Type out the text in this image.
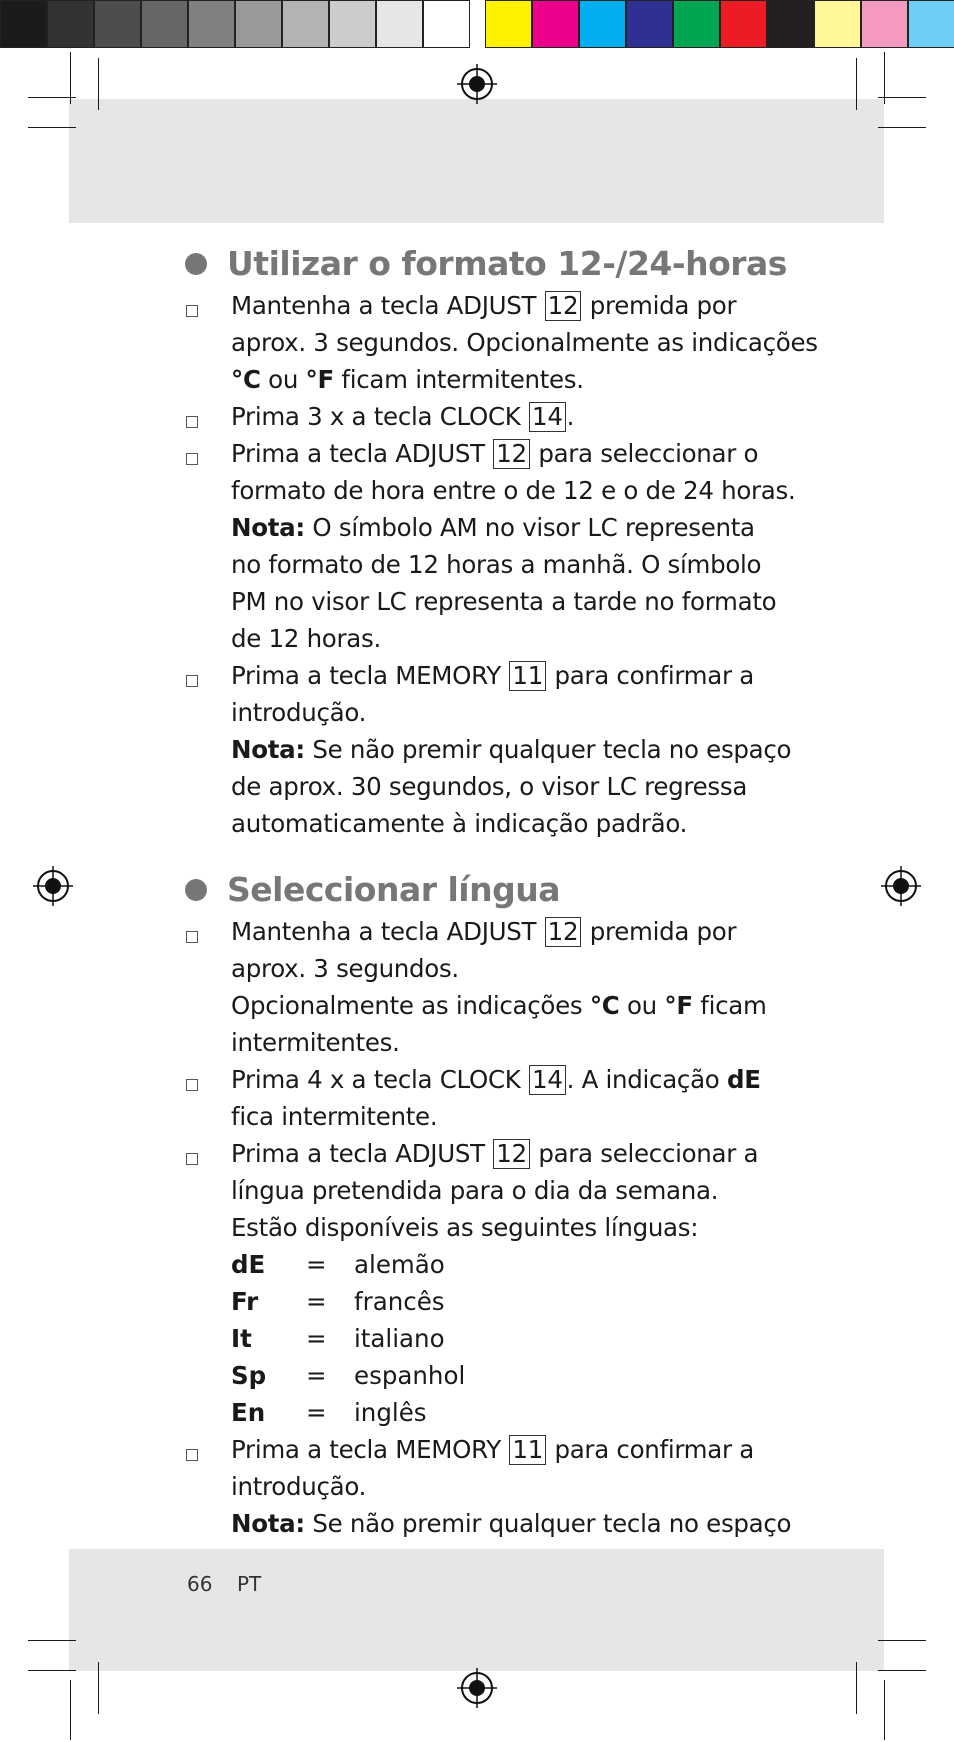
Utilizar o formato 12-/24-horas
Mantenha a tecla ADJUST 12 premida por
aprox. 3 segundos. Opcionalmente as indicações
°C ou °F ficam intermitentes.
Prima 3 x a tecla CLOCK 14 .
Prima a tecla ADJUST 12 para seleccionar o
formato de hora entre o de 12 e o de 24 horas.
Nota: O símbolo AM no visor LC representa
no formato de 12 horas a manhã. O símbolo
PM no visor LC representa a tarde no formato
de 12 horas.
Prima a tecla MEMORY 11 para confirmar a
introdução.
Nota: Se não premir qualquer tecla no espaço
de aprox. 30 segundos, o visor LC regressa
automaticamente à indicação padrão.
Seleccionar língua
Mantenha a tecla ADJUST 12 premida por
aprox. 3 segundos.
Opcionalmente as indicações °C ou °F ficam
intermitentes.
Prima 4 x a tecla CLOCK 14 . A indicação dE
fica intermitente.
Prima a tecla ADJUST 12 para seleccionar a
língua pretendida para o dia da semana.
Estão disponíveis as seguintes línguas:
dE = alemão
Fr = francês
It = italiano
Sp = espanhol
En = inglês
Prima a tecla MEMORY 11 para confirmar a
introdução.
Nota: Se não premir qualquer tecla no espaço
66 PT
